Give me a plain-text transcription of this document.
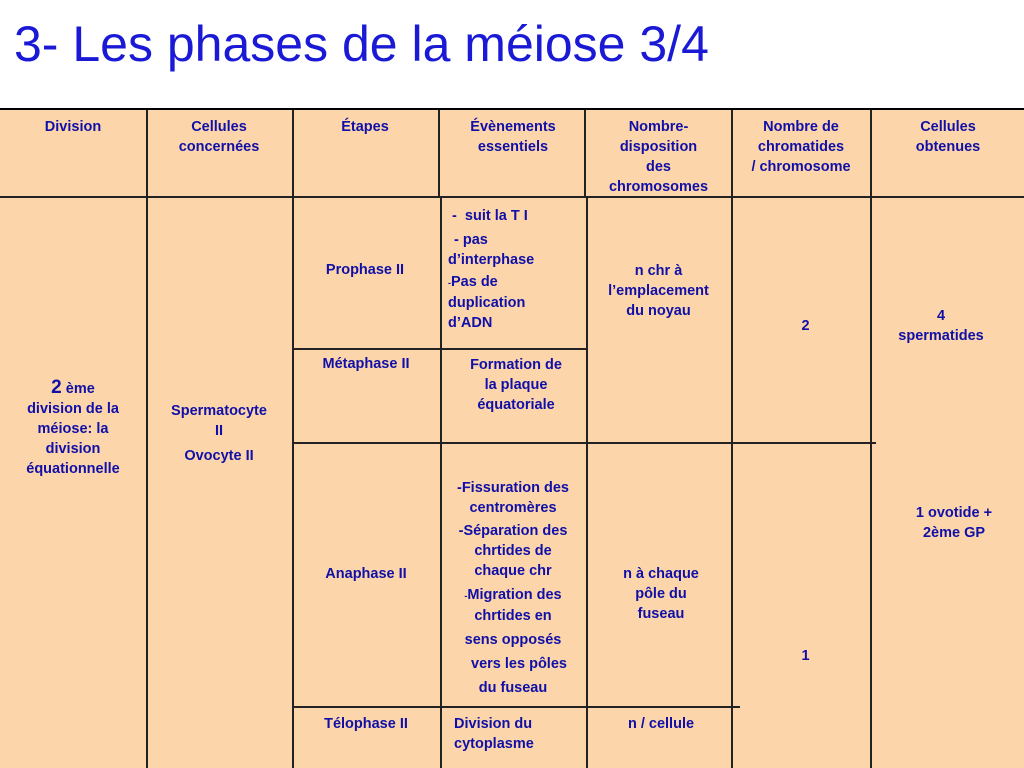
3- Les phases de la méiose 3/4
Division	Cellules
concernées
Étapes	Évènements
essentiels
Nombre-
disposition
des
chromosomes
Nombre de
chromatides
/ chromosome
Cellules
obtenues
2 ème
division de la
méiose: la
division
équationnelle
Spermatocyte
II
Ovocyte II
Prophase II
Métaphase II
Anaphase II
Télophase II
- suit la T I
- pas
d’interphase
-Pas de
duplication
d’ADN
Formation de
la plaque
équatoriale
-Fissuration des
centromères
-Séparation des
chrtides de
chaque chr
-Migration des
chrtides en
sens opposés
vers les pôles
du fuseau
Division du
cytoplasme
n chr à
l’emplacement
du noyau
n à chaque
pôle du
fuseau
n / cellule
2
1
4
spermatides
1 ovotide +
2ème GP
